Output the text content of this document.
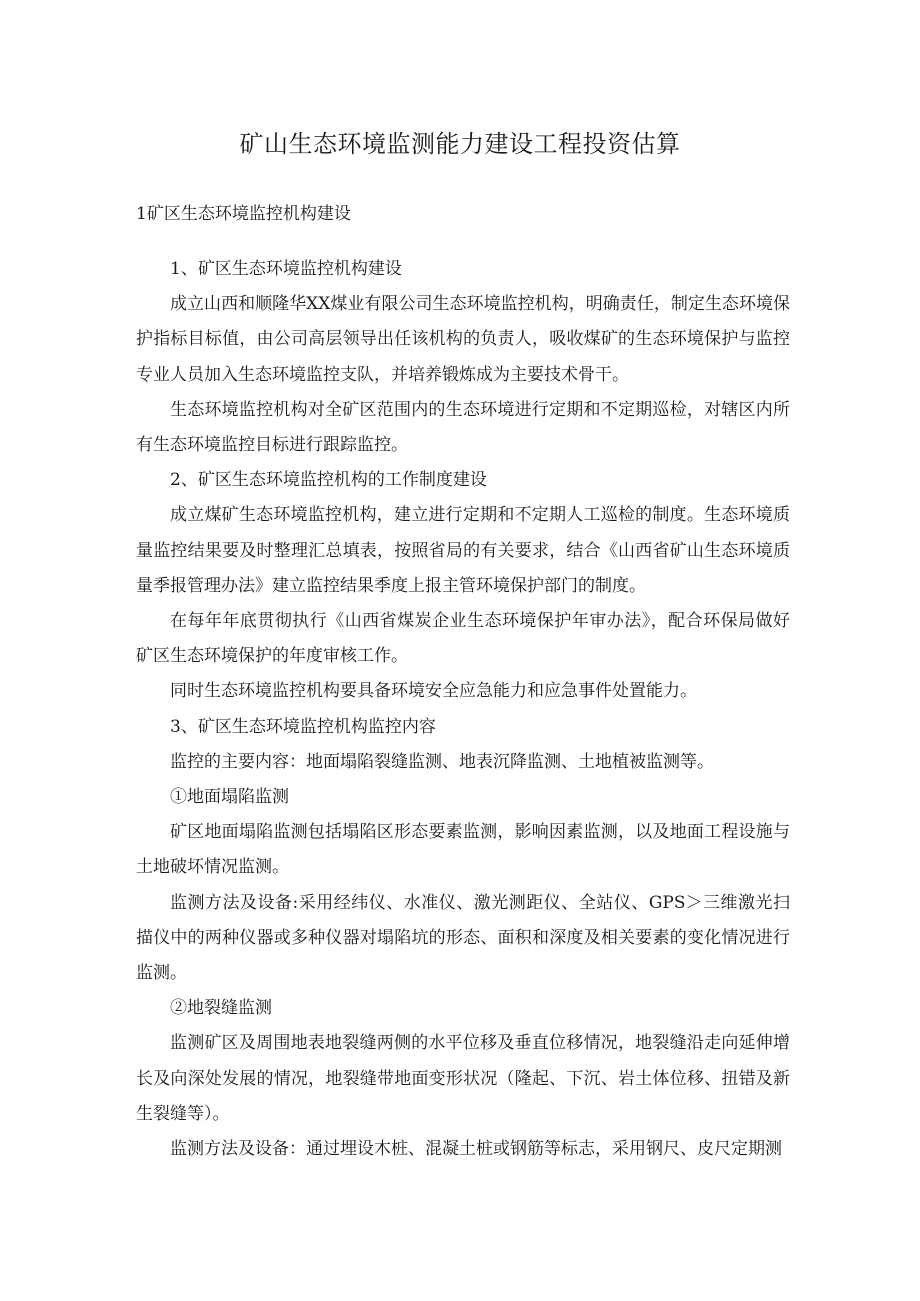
矿山生态环境监测能力建设工程投资估算
1矿区生态环境监控机构建设

1、矿区生态环境监控机构建设

成立山西和顺隆华XX煤业有限公司生态环境监控机构，明确责任，制定生态环境保护指标目标值，由公司高层领导出任该机构的负责人，吸收煤矿的生态环境保护与监控专业人员加入生态环境监控支队，并培养锻炼成为主要技术骨干。

生态环境监控机构对全矿区范围内的生态环境进行定期和不定期巡检，对辖区内所有生态环境监控目标进行跟踪监控。

2、矿区生态环境监控机构的工作制度建设

成立煤矿生态环境监控机构，建立进行定期和不定期人工巡检的制度。生态环境质量监控结果要及时整理汇总填表，按照省局的有关要求，结合《山西省矿山生态环境质量季报管理办法》建立监控结果季度上报主管环境保护部门的制度。

在每年年底贯彻执行《山西省煤炭企业生态环境保护年审办法》，配合环保局做好矿区生态环境保护的年度审核工作。

同时生态环境监控机构要具备环境安全应急能力和应急事件处置能力。

3、矿区生态环境监控机构监控内容

监控的主要内容：地面塌陷裂缝监测、地表沉降监测、土地植被监测等。

①地面塌陷监测

矿区地面塌陷监测包括塌陷区形态要素监测，影响因素监测，以及地面工程设施与土地破坏情况监测。

监测方法及设备:采用经纬仪、水准仪、激光测距仪、全站仪、GPS＞三维激光扫描仪中的两种仪器或多种仪器对塌陷坑的形态、面积和深度及相关要素的变化情况进行监测。

②地裂缝监测

监测矿区及周围地表地裂缝两侧的水平位移及垂直位移情况，地裂缝沿走向延伸增长及向深处发展的情况，地裂缝带地面变形状况（隆起、下沉、岩土体位移、扭错及新生裂缝等）。

监测方法及设备：通过埋设木桩、混凝土桩或钢筋等标志，采用钢尺、皮尺定期测
